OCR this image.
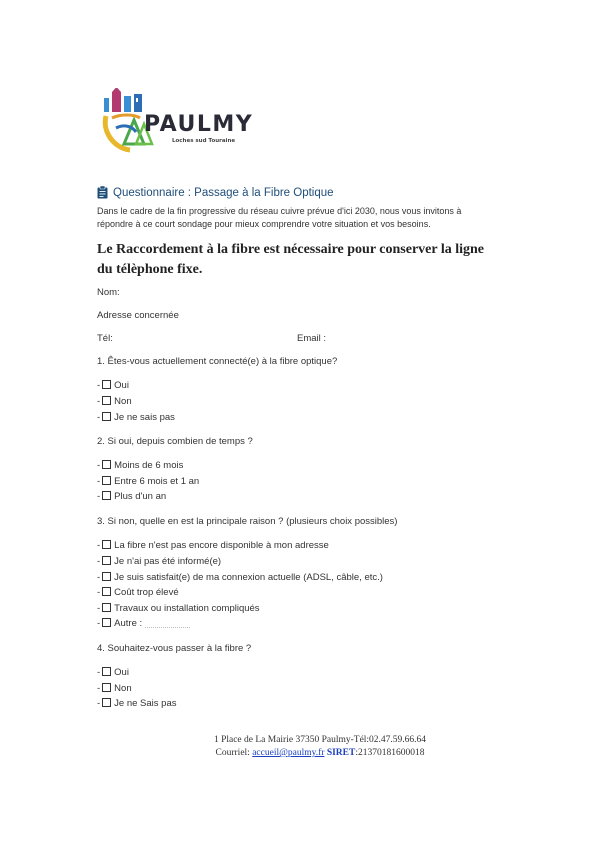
PAULMY
Loches sud Touraine
Questionnaire : Passage à la Fibre Optique
Dans le cadre de la fin progressive du réseau cuivre prévue d'ici 2030, nous vous invitons à répondre à ce court sondage pour mieux comprendre votre situation et vos besoins.
Le Raccordement à la fibre est nécessaire pour conserver la ligne du télèphone fixe.
Nom:
Adresse concernée
Tél:	Email :
1. Êtes-vous actuellement connecté(e) à la fibre optique?
- Oui
- Non
- Je ne sais pas
2. Si oui, depuis combien de temps ?
- Moins de 6 mois
- Entre 6 mois et 1 an
- Plus d'un an
3. Si non, quelle en est la principale raison ? (plusieurs choix possibles)
- La fibre n'est pas encore disponible à mon adresse
- Je n'ai pas été informé(e)
- Je suis satisfait(e) de ma connexion actuelle (ADSL, câble, etc.)
- Coût trop élevé
- Travaux ou installation compliqués
- Autre :
4. Souhaitez-vous passer à la fibre ?
- Oui
- Non
- Je ne Sais pas
1 Place de La Mairie 37350 Paulmy-Tél:02.47.59.66.64
Courriel: accueil@paulmy.fr SIRET:21370181600018
